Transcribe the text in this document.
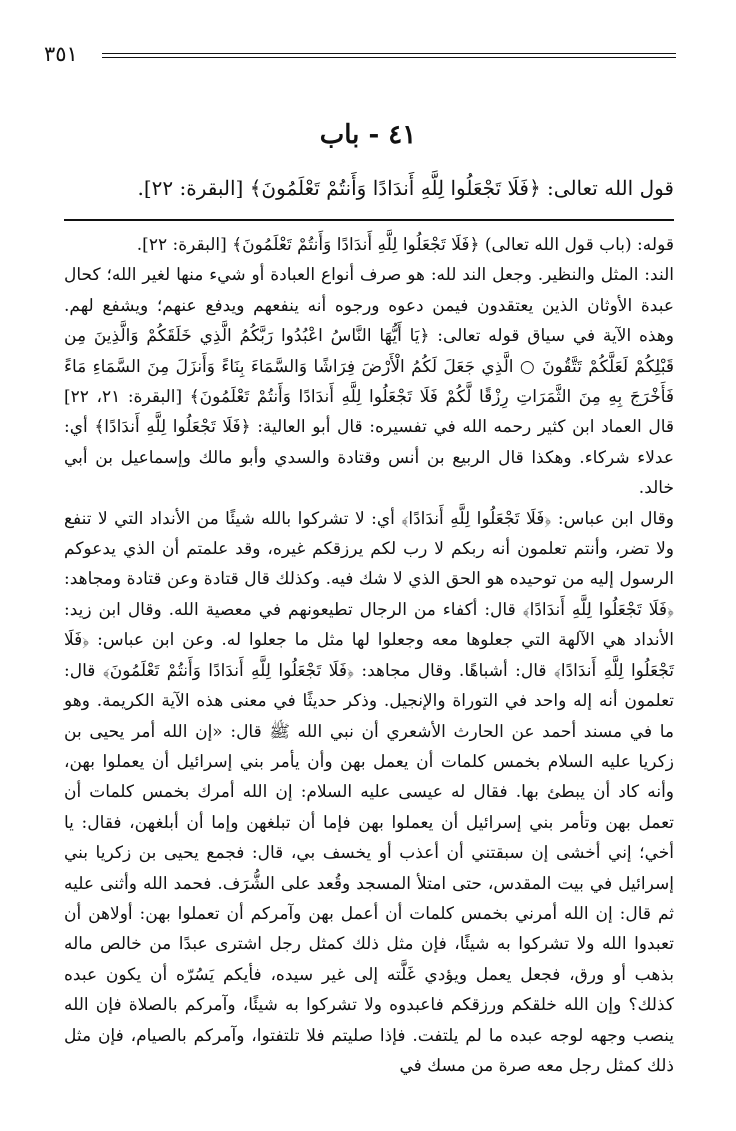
٣٥١
٤١ - باب
قول الله تعالى: ﴿فَلَا تَجْعَلُوا لِلَّهِ أَندَادًا وَأَنتُمْ تَعْلَمُونَ﴾ [البقرة: ٢٢].

قوله: (باب قول الله تعالى) ﴿فَلَا تَجْعَلُوا لِلَّهِ أَندَادًا وَأَنتُمْ تَعْلَمُونَ﴾ [البقرة: ٢٢].

الند: المثل والنظير. وجعل الند لله: هو صرف أنواع العبادة أو شيء منها لغير الله؛ كحال عبدة الأوثان الذين يعتقدون فيمن دعوه ورجوه أنه ينفعهم ويدفع عنهم؛ ويشفع لهم. وهذه الآية في سياق قوله تعالى: ﴿يَا أَيُّهَا النَّاسُ اعْبُدُوا رَبَّكُمُ الَّذِي خَلَقَكُمْ وَالَّذِينَ مِن قَبْلِكُمْ لَعَلَّكُمْ تَتَّقُونَ ○ الَّذِي جَعَلَ لَكُمُ الْأَرْضَ فِرَاشًا وَالسَّمَاءَ بِنَاءً وَأَنزَلَ مِنَ السَّمَاءِ مَاءً فَأَخْرَجَ بِهِ مِنَ الثَّمَرَاتِ رِزْقًا لَّكُمْ فَلَا تَجْعَلُوا لِلَّهِ أَندَادًا وَأَنتُمْ تَعْلَمُونَ﴾ [البقرة: ٢١، ٢٢] قال العماد ابن كثير رحمه الله في تفسيره: قال أبو العالية: ﴿فَلَا تَجْعَلُوا لِلَّهِ أَندَادًا﴾ أي: عدلاء شركاء. وهكذا قال الربيع بن أنس وقتادة والسدي وأبو مالك وإسماعيل بن أبي خالد.

وقال ابن عباس: ﴿فَلَا تَجْعَلُوا لِلَّهِ أَندَادًا﴾ أي: لا تشركوا بالله شيئًا من الأنداد التي لا تنفع ولا تضر، وأنتم تعلمون أنه ربكم لا رب لكم يرزقكم غيره، وقد علمتم أن الذي يدعوكم الرسول إليه من توحيده هو الحق الذي لا شك فيه. وكذلك قال قتادة وعن قتادة ومجاهد: ﴿فَلَا تَجْعَلُوا لِلَّهِ أَندَادًا﴾ قال: أكفاء من الرجال تطيعونهم في معصية الله. وقال ابن زيد: الأنداد هي الآلهة التي جعلوها معه وجعلوا لها مثل ما جعلوا له. وعن ابن عباس: ﴿فَلَا تَجْعَلُوا لِلَّهِ أَندَادًا﴾ قال: أشباهًا. وقال مجاهد: ﴿فَلَا تَجْعَلُوا لِلَّهِ أَندَادًا وَأَنتُمْ تَعْلَمُونَ﴾ قال: تعلمون أنه إله واحد في التوراة والإنجيل. وذكر حديثًا في معنى هذه الآية الكريمة. وهو ما في مسند أحمد عن الحارث الأشعري أن نبي الله ﷺ قال: «إن الله أمر يحيى بن زكريا عليه السلام بخمس كلمات أن يعمل بهن وأن يأمر بني إسرائيل أن يعملوا بهن، وأنه كاد أن يبطئ بها. فقال له عيسى عليه السلام: إن الله أمرك بخمس كلمات أن تعمل بهن وتأمر بني إسرائيل أن يعملوا بهن فإما أن تبلغهن وإما أن أبلغهن، فقال: يا أخي؛ إني أخشى إن سبقتني أن أعذب أو يخسف بي، قال: فجمع يحيى بن زكريا بني إسرائيل في بيت المقدس، حتى امتلأ المسجد وقُعد على الشُّرَف. فحمد الله وأثنى عليه ثم قال: إن الله أمرني بخمس كلمات أن أعمل بهن وآمركم أن تعملوا بهن: أولاهن أن تعبدوا الله ولا تشركوا به شيئًا، فإن مثل ذلك كمثل رجل اشترى عبدًا من خالص ماله بذهب أو ورق، فجعل يعمل ويؤدي غَلَّته إلى غير سيده، فأيكم يَسُرّه أن يكون عبده كذلك؟ وإن الله خلقكم ورزقكم فاعبدوه ولا تشركوا به شيئًا، وآمركم بالصلاة فإن الله ينصب وجهه لوجه عبده ما لم يلتفت. فإذا صليتم فلا تلتفتوا، وآمركم بالصيام، فإن مثل ذلك كمثل رجل معه صرة من مسك في
